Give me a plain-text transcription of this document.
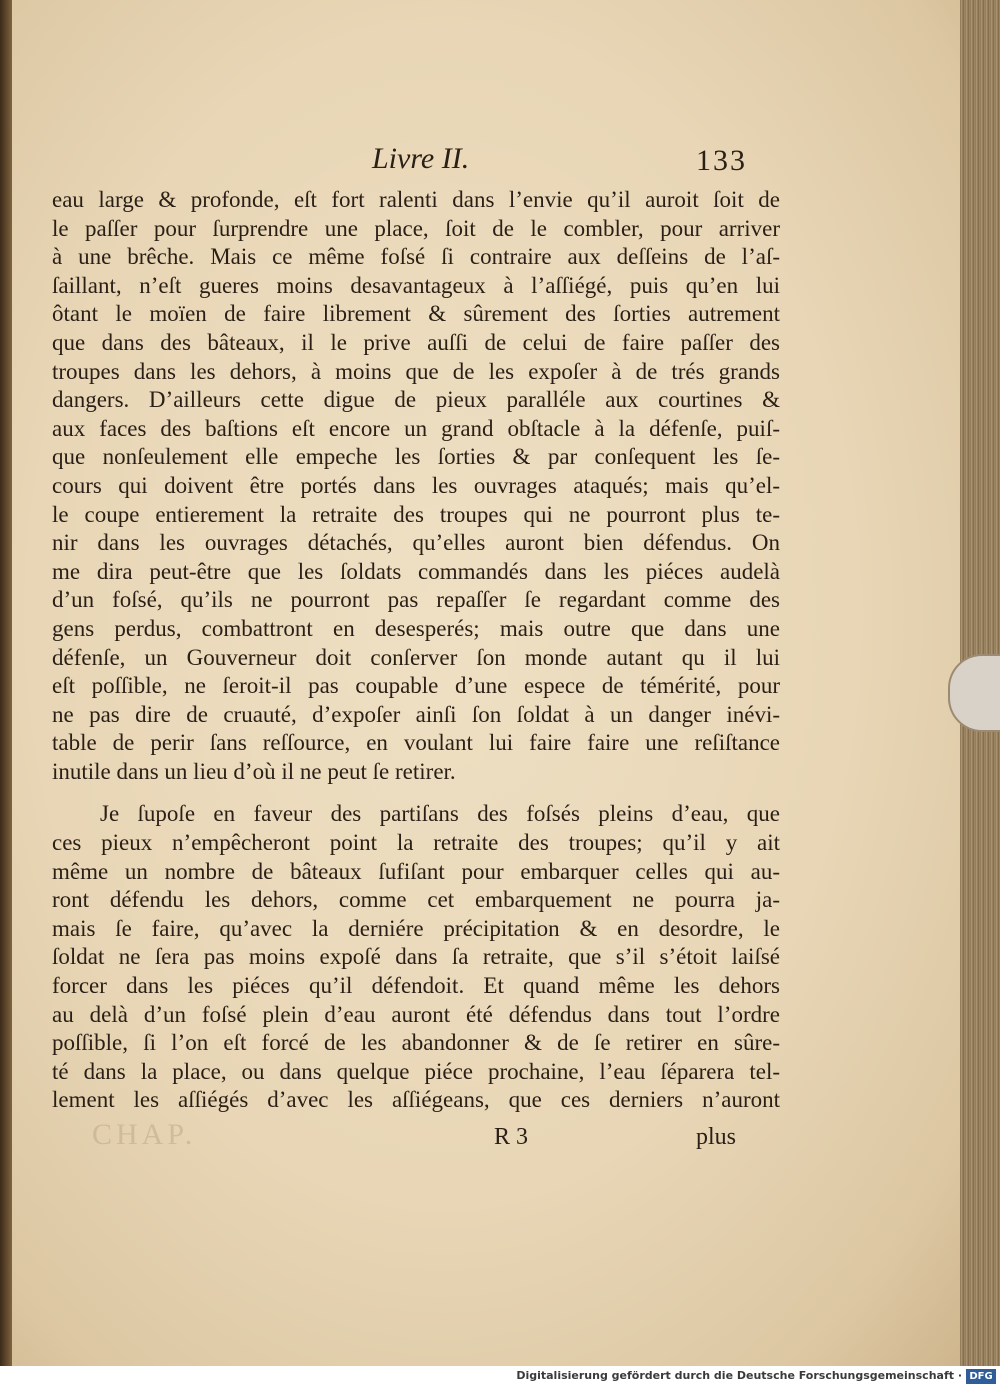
CHAP.
Livre II.	133
eau large & profonde, eſt fort ralenti dans l’envie qu’il auroit ſoit de
le paſſer pour ſurprendre une place, ſoit de le combler, pour arriver
à une brêche. Mais ce même foſsé ſi contraire aux deſſeins de l’aſ-
ſaillant, n’eſt gueres moins desavantageux à l’aſſiégé, puis qu’en lui
ôtant le moïen de faire librement & sûrement des ſorties autrement
que dans des bâteaux, il le prive auſſi de celui de faire paſſer des
troupes dans les dehors, à moins que de les expoſer à de trés grands
dangers. D’ailleurs cette digue de pieux paralléle aux courtines &
aux faces des baſtions eſt encore un grand obſtacle à la défenſe, puiſ-
que nonſeulement elle empeche les ſorties & par conſequent les ſe-
cours qui doivent être portés dans les ouvrages ataqués; mais qu’el-
le coupe entierement la retraite des troupes qui ne pourront plus te-
nir dans les ouvrages détachés, qu’elles auront bien défendus. On
me dira peut-être que les ſoldats commandés dans les piéces audelà
d’un foſsé, qu’ils ne pourront pas repaſſer ſe regardant comme des
gens perdus, combattront en desesperés; mais outre que dans une
défenſe, un Gouverneur doit conſerver ſon monde autant qu il lui
eſt poſſible, ne ſeroit-il pas coupable d’une espece de témérité, pour
ne pas dire de cruauté, d’expoſer ainſi ſon ſoldat à un danger inévi-
table de perir ſans reſſource, en voulant lui faire faire une reſiſtance
inutile dans un lieu d’où il ne peut ſe retirer.
Je ſupoſe en faveur des partiſans des foſsés pleins d’eau, que
ces pieux n’empêcheront point la retraite des troupes; qu’il y ait
même un nombre de bâteaux ſufiſant pour embarquer celles qui au-
ront défendu les dehors, comme cet embarquement ne pourra ja-
mais ſe faire, qu’avec la derniére précipitation & en desordre, le
ſoldat ne ſera pas moins expoſé dans ſa retraite, que s’il s’étoit laiſsé
forcer dans les piéces qu’il défendoit. Et quand même les dehors
au delà d’un foſsé plein d’eau auront été défendus dans tout l’ordre
poſſible, ſi l’on eſt forcé de les abandonner & de ſe retirer en sûre-
té dans la place, ou dans quelque piéce prochaine, l’eau ſéparera tel-
lement les aſſiégés d’avec les aſſiégeans, que ces derniers n’auront
R 3	plus
Digitalisierung gefördert durch die Deutsche Forschungsgemeinschaft · DFG
